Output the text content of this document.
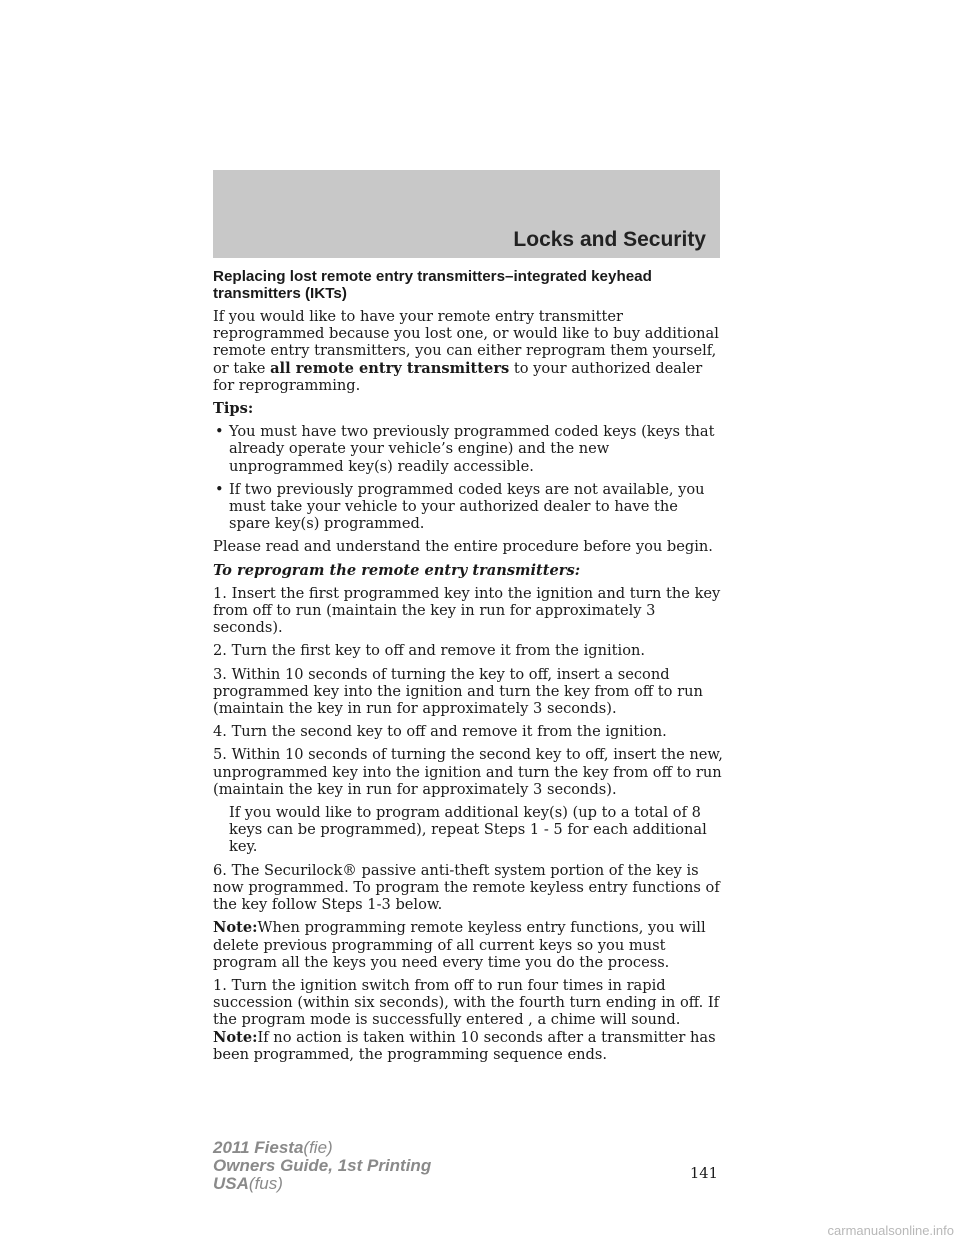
Locks and Security
Replacing lost remote entry transmitters–integrated keyhead
transmitters (IKTs)

If you would like to have your remote entry transmitter reprogrammed because you lost one, or would like to buy additional remote entry transmitters, you can either reprogram them yourself, or take all remote entry transmitters to your authorized dealer for reprogramming.

Tips:

• You must have two previously programmed coded keys (keys that already operate your vehicle’s engine) and the new unprogrammed key(s) readily accessible.
• If two previously programmed coded keys are not available, you must take your vehicle to your authorized dealer to have the spare key(s) programmed.

Please read and understand the entire procedure before you begin.

To reprogram the remote entry transmitters:

1. Insert the first programmed key into the ignition and turn the key from off to run (maintain the key in run for approximately 3 seconds).

2. Turn the first key to off and remove it from the ignition.

3. Within 10 seconds of turning the key to off, insert a second programmed key into the ignition and turn the key from off to run (maintain the key in run for approximately 3 seconds).

4. Turn the second key to off and remove it from the ignition.

5. Within 10 seconds of turning the second key to off, insert the new, unprogrammed key into the ignition and turn the key from off to run (maintain the key in run for approximately 3 seconds).

If you would like to program additional key(s) (up to a total of 8 keys can be programmed), repeat Steps 1 - 5 for each additional key.

6. The Securilock® passive anti-theft system portion of the key is now programmed. To program the remote keyless entry functions of the key follow Steps 1-3 below.

Note:When programming remote keyless entry functions, you will delete previous programming of all current keys so you must program all the keys you need every time you do the process.

1. Turn the ignition switch from off to run four times in rapid succession (within six seconds), with the fourth turn ending in off. If the program mode is successfully entered , a chime will sound.

Note:If no action is taken within 10 seconds after a transmitter has been programmed, the programming sequence ends.

141
2011 Fiesta(fie)
Owners Guide, 1st Printing
USA(fus)
carmanualsonline.info
